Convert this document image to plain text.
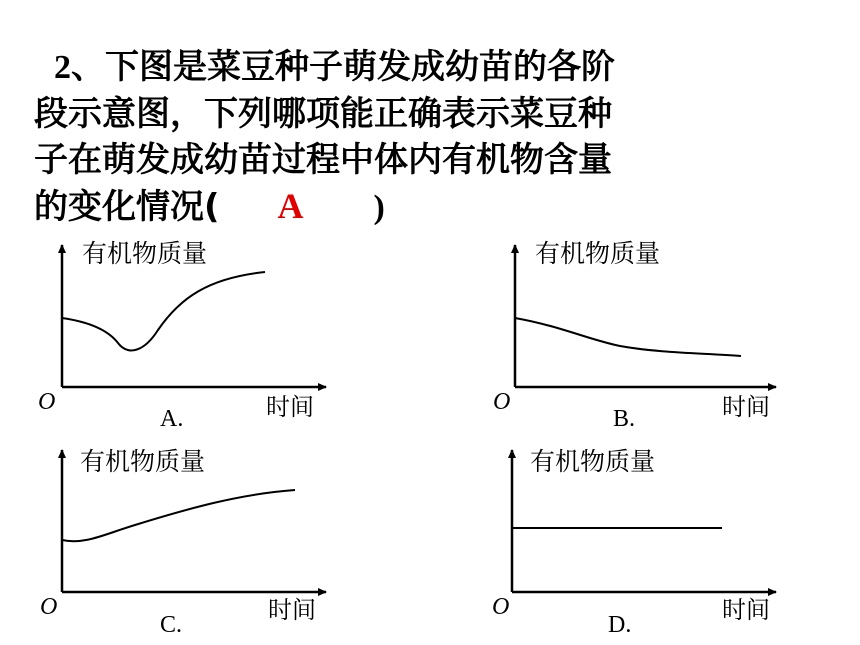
2、下图是菜豆种子萌发成幼苗的各阶
段示意图，下列哪项能正确表示菜豆种
子在萌发成幼苗过程中体内有机物含量
的变化情况( A )
有机物质量
O	时间
A.
有机物质量
O	时间
B.
有机物质量
O	时间
C.
有机物质量
O	时间
D.
